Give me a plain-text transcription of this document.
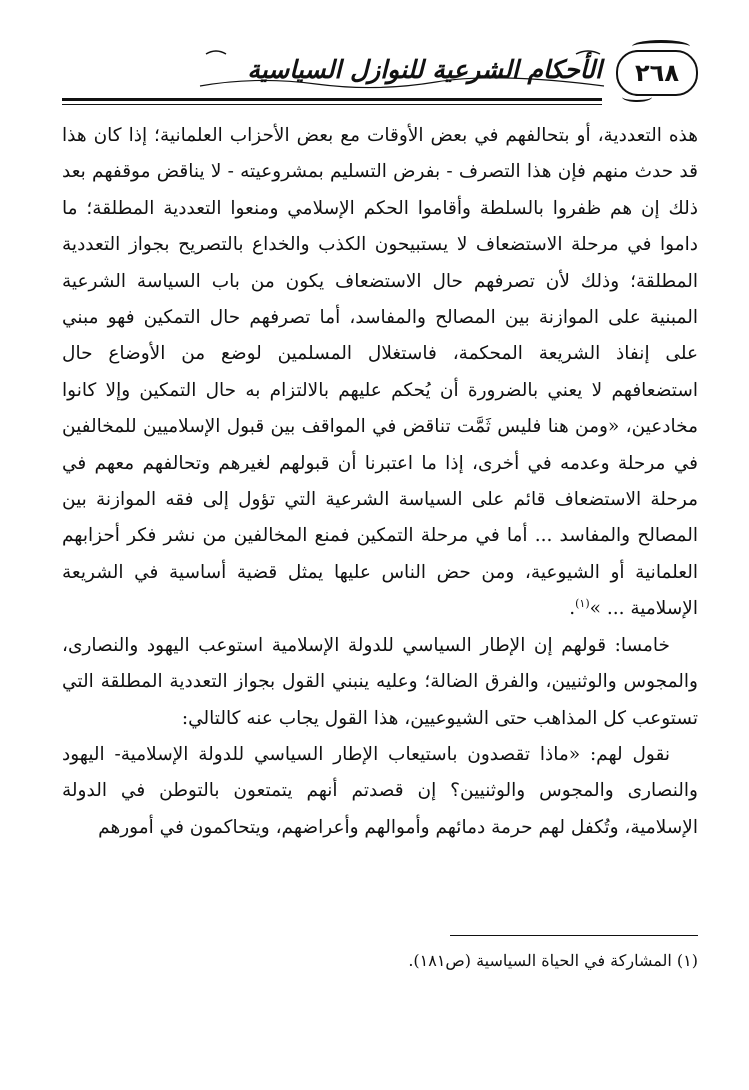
الأحكام الشرعية للنوازل السياسية ٢٦٨

هذه التعددية، أو بتحالفهم في بعض الأوقات مع بعض الأحزاب العلمانية؛ إذا كان هذا قد حدث منهم فإن هذا التصرف - بفرض التسليم بمشروعيته - لا يناقض موقفهم بعد ذلك إن هم ظفروا بالسلطة وأقاموا الحكم الإسلامي ومنعوا التعددية المطلقة؛ ما داموا في مرحلة الاستضعاف لا يستبيحون الكذب والخداع بالتصريح بجواز التعددية المطلقة؛ وذلك لأن تصرفهم حال الاستضعاف يكون من باب السياسة الشرعية المبنية على الموازنة بين المصالح والمفاسد، أما تصرفهم حال التمكين فهو مبني على إنفاذ الشريعة المحكمة، فاستغلال المسلمين لوضع من الأوضاع حال استضعافهم لا يعني بالضرورة أن يُحكم عليهم بالالتزام به حال التمكين وإلا كانوا مخادعين، «ومن هنا فليس ثَمَّت تناقض في المواقف بين قبول الإسلاميين للمخالفين في مرحلة وعدمه في أخرى، إذا ما اعتبرنا أن قبولهم لغيرهم وتحالفهم معهم في مرحلة الاستضعاف قائم على السياسة الشرعية التي تؤول إلى فقه الموازنة بين المصالح والمفاسد ... أما في مرحلة التمكين فمنع المخالفين من نشر فكر أحزابهم العلمانية أو الشيوعية، ومن حض الناس عليها يمثل قضية أساسية في الشريعة الإسلامية ... »$^{(١)}$.

خامسا: قولهم إن الإطار السياسي للدولة الإسلامية استوعب اليهود والنصارى، والمجوس والوثنيين، والفرق الضالة؛ وعليه ينبني القول بجواز التعددية المطلقة التي تستوعب كل المذاهب حتى الشيوعيين، هذا القول يجاب عنه كالتالي:

نقول لهم: «ماذا تقصدون باستيعاب الإطار السياسي للدولة الإسلامية- اليهود والنصارى والمجوس والوثنيين؟ إن قصدتم أنهم يتمتعون بالتوطن في الدولة الإسلامية، وتُكفل لهم حرمة دمائهم وأموالهم وأعراضهم، ويتحاكمون في أمورهم

(١) المشاركة في الحياة السياسية (ص١٨١).
